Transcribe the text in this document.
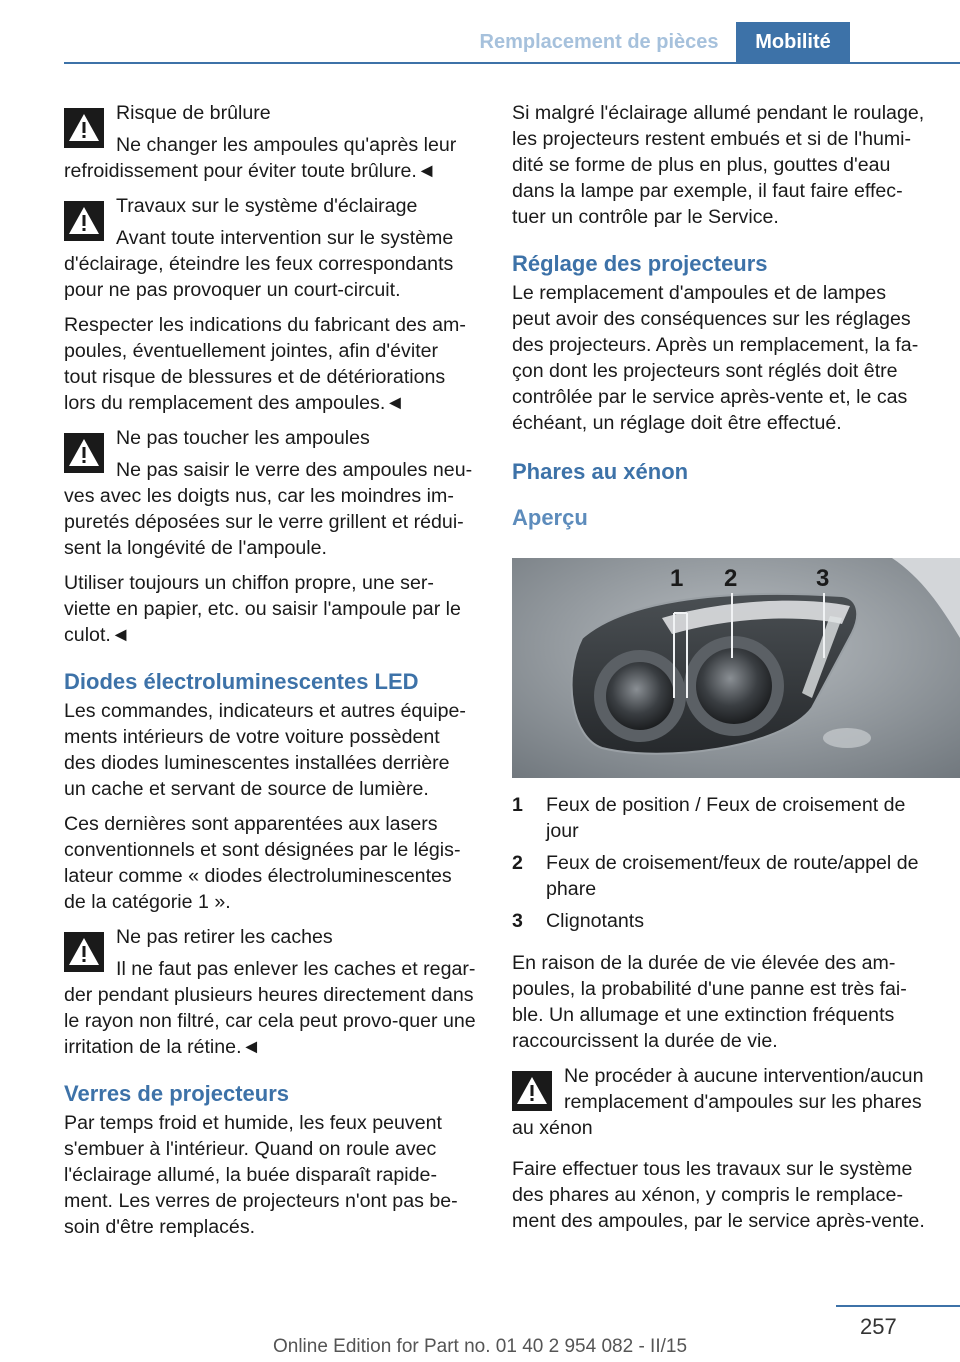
Remplacement de pièces	Mobilité

Risque de brûlure

Ne changer les ampoules qu'après leur refroidissement pour éviter toute brûlure.◄

Travaux sur le système d'éclairage

Avant toute intervention sur le système d'éclairage, éteindre les feux correspondants pour ne pas provoquer un court-circuit.

Respecter les indications du fabricant des am-poules, éventuellement jointes, afin d'éviter tout risque de blessures et de détériorations lors du remplacement des ampoules.◄

Ne pas toucher les ampoules

Ne pas saisir le verre des ampoules neu-ves avec les doigts nus, car les moindres im-puretés déposées sur le verre grillent et rédui-sent la longévité de l'ampoule.

Utiliser toujours un chiffon propre, une ser-viette en papier, etc. ou saisir l'ampoule par le culot.◄

Diodes électroluminescentes LED

Les commandes, indicateurs et autres équipe-ments intérieurs de votre voiture possèdent des diodes luminescentes installées derrière un cache et servant de source de lumière.

Ces dernières sont apparentées aux lasers conventionnels et sont désignées par le légis-lateur comme « diodes électroluminescentes de la catégorie 1 ».

Ne pas retirer les caches

Il ne faut pas enlever les caches et regar-der pendant plusieurs heures directement dans le rayon non filtré, car cela peut provo-quer une irritation de la rétine.◄

Verres de projecteurs

Par temps froid et humide, les feux peuvent s'embuer à l'intérieur. Quand on roule avec l'éclairage allumé, la buée disparaît rapide-ment. Les verres de projecteurs n'ont pas be-soin d'être remplacés.

Si malgré l'éclairage allumé pendant le roulage, les projecteurs restent embués et si de l'humi-dité se forme de plus en plus, gouttes d'eau dans la lampe par exemple, il faut faire effec-tuer un contrôle par le Service.

Réglage des projecteurs

Le remplacement d'ampoules et de lampes peut avoir des conséquences sur les réglages des projecteurs. Après un remplacement, la fa-çon dont les projecteurs sont réglés doit être contrôlée par le service après-vente et, le cas échéant, un réglage doit être effectué.

Phares au xénon
Aperçu
1 2	3
1	Feux de position / Feux de croisement de jour
2	Feux de croisement/feux de route/appel de phare
3	Clignotants

En raison de la durée de vie élevée des am-poules, la probabilité d'une panne est très fai-ble. Un allumage et une extinction fréquents raccourcissent la durée de vie.

Ne procéder à aucune intervention/aucun remplacement d'ampoules sur les phares au xénon

Faire effectuer tous les travaux sur le système des phares au xénon, y compris le remplace-ment des ampoules, par le service après-vente.

257
Online Edition for Part no. 01 40 2 954 082 - II/15
